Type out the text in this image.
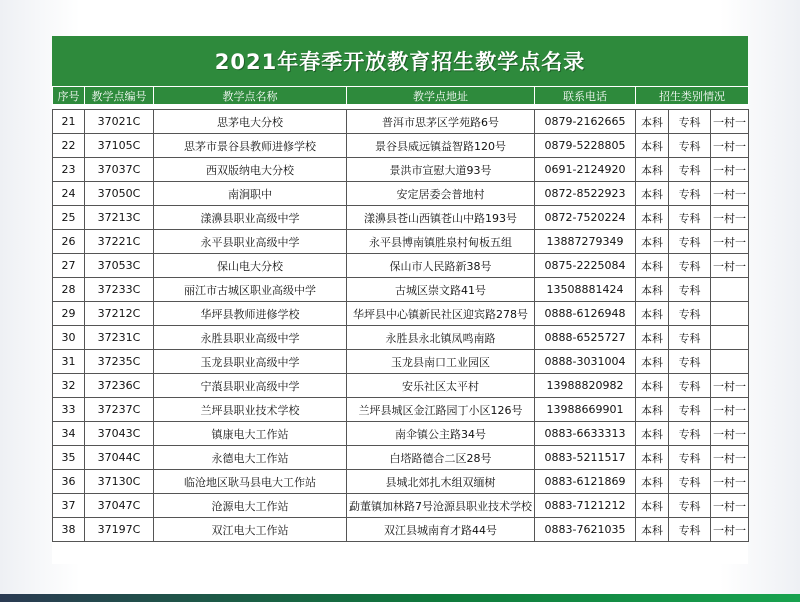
2021年春季开放教育招生教学点名录
序号	教学点编号	教学点名称	教学点地址	联系电话	招生类别情况		

21	37021C	思茅电大分校	普洱市思茅区学苑路6号	0879-2162665	本科	专科	一村一
22	37105C	思茅市景谷县教师进修学校	景谷县威远镇益智路120号	0879-5228805	本科	专科	一村一
23	37037C	西双版纳电大分校	景洪市宣慰大道93号	0691-2124920	本科	专科	一村一
24	37050C	南涧职中	安定居委会普地村	0872-8522923	本科	专科	一村一
25	37213C	漾濞县职业高级中学	漾濞县苍山西镇苍山中路193号	0872-7520224	本科	专科	一村一
26	37221C	永平县职业高级中学	永平县博南镇胜泉村甸板五组	13887279349	本科	专科	一村一
27	37053C	保山电大分校	保山市人民路新38号	0875-2225084	本科	专科	一村一
28	37233C	丽江市古城区职业高级中学	古城区崇文路41号	13508881424	本科	专科	
29	37212C	华坪县教师进修学校	华坪县中心镇新民社区迎宾路278号	0888-6126948	本科	专科	
30	37231C	永胜县职业高级中学	永胜县永北镇凤鸣南路	0888-6525727	本科	专科	
31	37235C	玉龙县职业高级中学	玉龙县南口工业园区	0888-3031004	本科	专科	
32	37236C	宁蒗县职业高级中学	安乐社区太平村	13988820982	本科	专科	一村一
33	37237C	兰坪县职业技术学校	兰坪县城区金江路园丁小区126号	13988669901	本科	专科	一村一
34	37043C	镇康电大工作站	南伞镇公主路34号	0883-6633313	本科	专科	一村一
35	37044C	永德电大工作站	白塔路德合二区28号	0883-5211517	本科	专科	一村一
36	37130C	临沧地区耿马县电大工作站	县城北郊扎木组双缅树	0883-6121869	本科	专科	一村一
37	37047C	沧源电大工作站	勐董镇加林路7号沧源县职业技术学校	0883-7121212	本科	专科	一村一
38	37197C	双江电大工作站	双江县城南育才路44号	0883-7621035	本科	专科	一村一
